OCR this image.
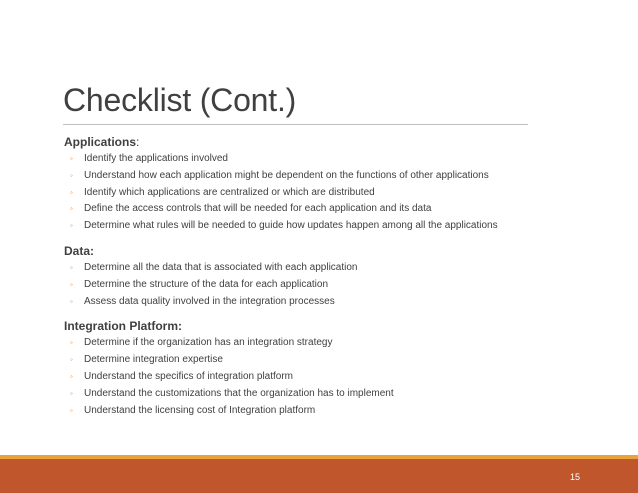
Checklist (Cont.)

Applications:

◦	Identify the applications involved
◦	Understand how each application might be dependent on the functions of other applications
◦	Identify which applications are centralized or which are distributed
◦	Define the access controls that will be needed for each application and its data
◦	Determine what rules will be needed to guide how updates happen among all the applications

Data:

◦	Determine all the data that is associated with each application
◦	Determine the structure of the data for each application
◦	Assess data quality involved in the integration processes

Integration Platform:

◦	Determine if the organization has an integration strategy
◦	Determine integration expertise
◦	Understand the specifics of integration platform
◦	Understand the customizations that the organization has to implement
◦	Understand the licensing cost of Integration platform
15
